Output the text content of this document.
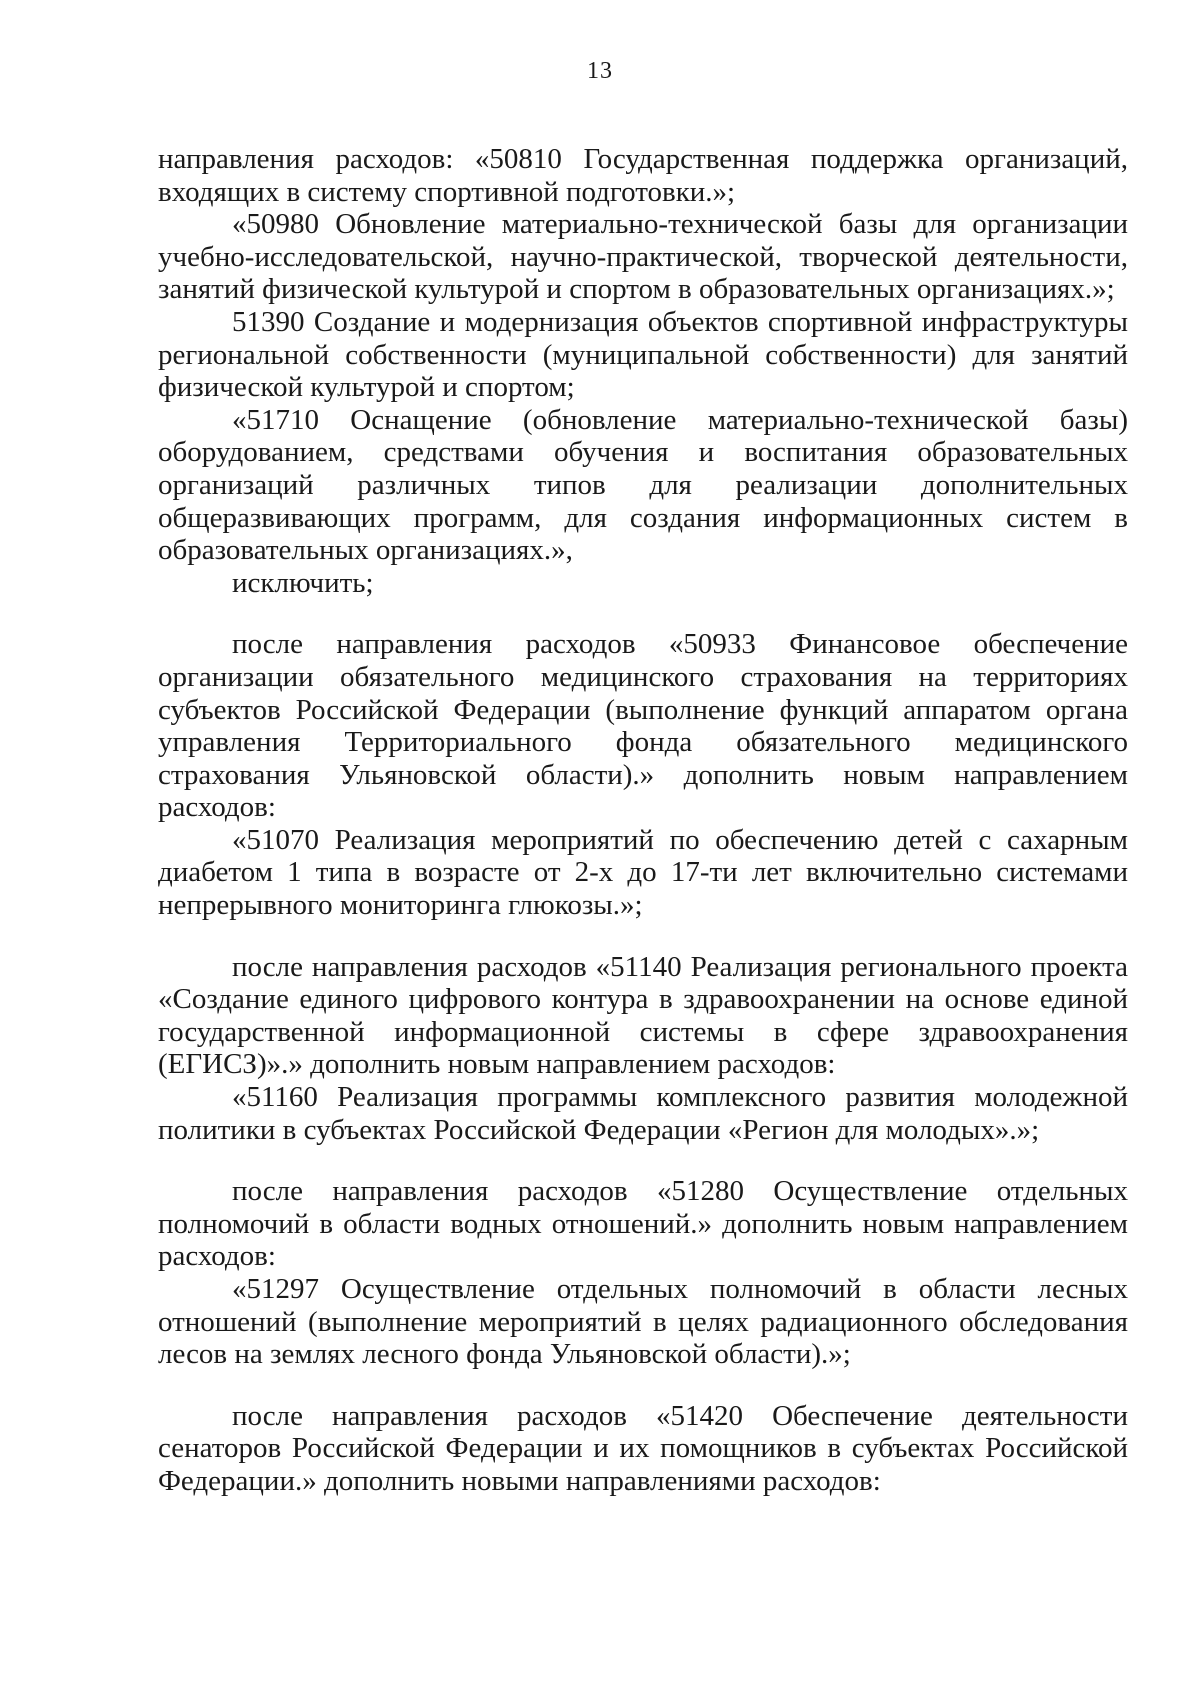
13

направления расходов: «50810 Государственная поддержка организаций, входящих в систему спортивной подготовки.»;

«50980 Обновление материально-технической базы для организации учебно-исследовательской, научно-практической, творческой деятельности, занятий физической культурой и спортом в образовательных организациях.»;

51390 Создание и модернизация объектов спортивной инфраструктуры региональной собственности (муниципальной собственности) для занятий физической культурой и спортом;

«51710 Оснащение (обновление материально-технической базы) оборудованием, средствами обучения и воспитания образовательных организаций различных типов для реализации дополнительных общеразвивающих программ, для создания информационных систем в образовательных организациях.»,

исключить;

после направления расходов «50933 Финансовое обеспечение организации обязательного медицинского страхования на территориях субъектов Российской Федерации (выполнение функций аппаратом органа управления Территориального фонда обязательного медицинского страхования Ульяновской области).» дополнить новым направлением расходов:

«51070 Реализация мероприятий по обеспечению детей с сахарным диабетом 1 типа в возрасте от 2-х до 17-ти лет включительно системами непрерывного мониторинга глюкозы.»;

после направления расходов «51140 Реализация регионального проекта «Создание единого цифрового контура в здравоохранении на основе единой государственной информационной системы в сфере здравоохранения (ЕГИСЗ)».» дополнить новым направлением расходов:

«51160 Реализация программы комплексного развития молодежной политики в субъектах Российской Федерации «Регион для молодых».»;

после направления расходов «51280 Осуществление отдельных полномочий в области водных отношений.» дополнить новым направлением расходов:

«51297 Осуществление отдельных полномочий в области лесных отношений (выполнение мероприятий в целях радиационного обследования лесов на землях лесного фонда Ульяновской области).»;

после направления расходов «51420 Обеспечение деятельности сенаторов Российской Федерации и их помощников в субъектах Российской Федерации.» дополнить новыми направлениями расходов:
